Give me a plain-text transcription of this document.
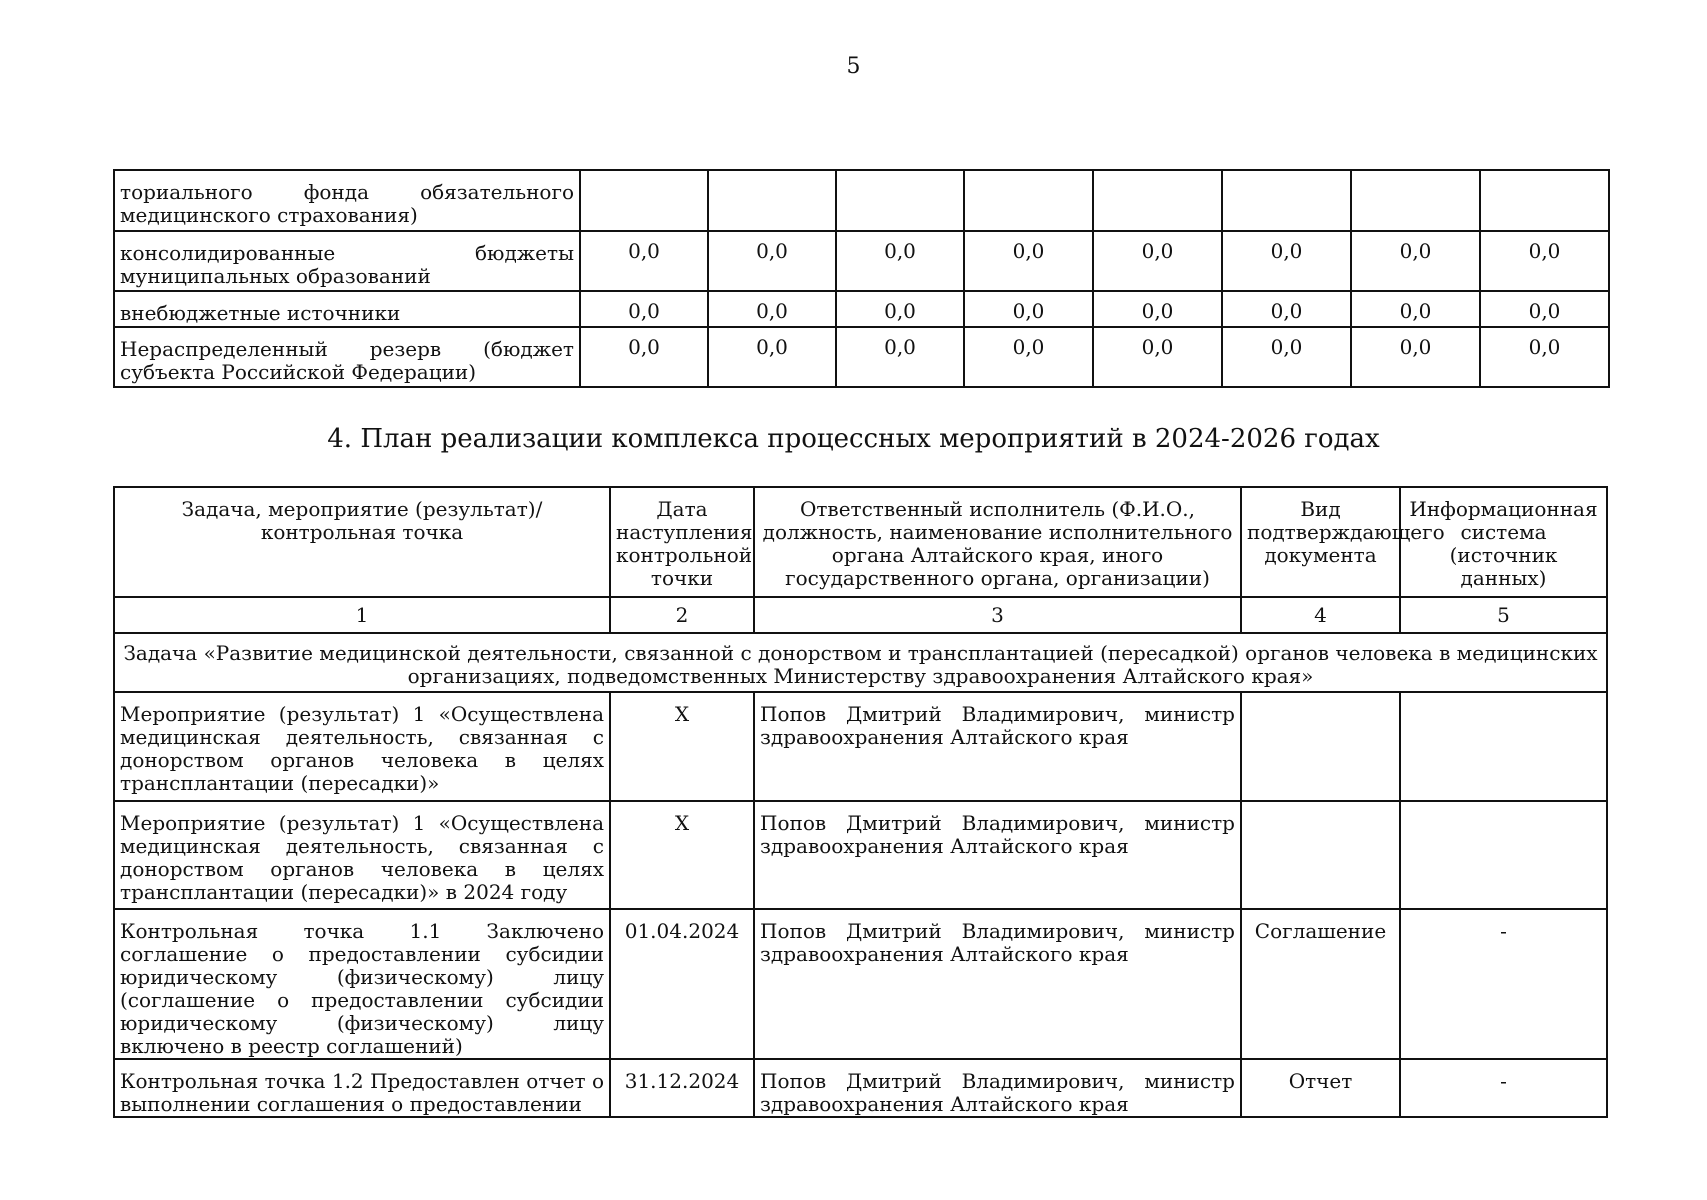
5
ториального фонда обязательного медицинского страхования)								
консолидированные бюджеты муниципальных образований	0,0	0,0	0,0	0,0	0,0	0,0	0,0	0,0
внебюджетные источники	0,0	0,0	0,0	0,0	0,0	0,0	0,0	0,0
Нераспределенный резерв (бюджет субъекта Российской Федерации)	0,0	0,0	0,0	0,0	0,0	0,0	0,0	0,0
4. План реализации комплекса процессных мероприятий в 2024-2026 годах
Задача, мероприятие (результат)/ контрольная точка	Дата наступления контрольной точки	Ответственный исполнитель (Ф.И.О., должность, наименование исполнительного органа Алтайского края, иного государственного органа, организации)	Вид подтверждающего документа	Информационная система (источник данных)
1	2	3	4	5
Задача «Развитие медицинской деятельности, связанной с донорством и трансплантацией (пересадкой) органов человека в медицинских организациях, подведомственных Министерству здравоохранения Алтайского края»				
Мероприятие (результат) 1 «Осуществлена медицинская деятельность, связанная с донорством органов человека в целях трансплантации (пересадки)»	X	Попов Дмитрий Владимирович, министр здравоохранения Алтайского края		
Мероприятие (результат) 1 «Осуществлена медицинская деятельность, связанная с донорством органов человека в целях трансплантации (пересадки)» в 2024 году	X	Попов Дмитрий Владимирович, министр здравоохранения Алтайского края		
Контрольная точка 1.1 Заключено соглашение о предоставлении субсидии юридическому (физическому) лицу (соглашение о предоставлении субсидии юридическому (физическому) лицу включено в реестр соглашений)	01.04.2024	Попов Дмитрий Владимирович, министр здравоохранения Алтайского края	Соглашение	-
Контрольная точка 1.2 Предоставлен отчет о выполнении соглашения о предоставлении	31.12.2024	Попов Дмитрий Владимирович, министр здравоохранения Алтайского края	Отчет	-
